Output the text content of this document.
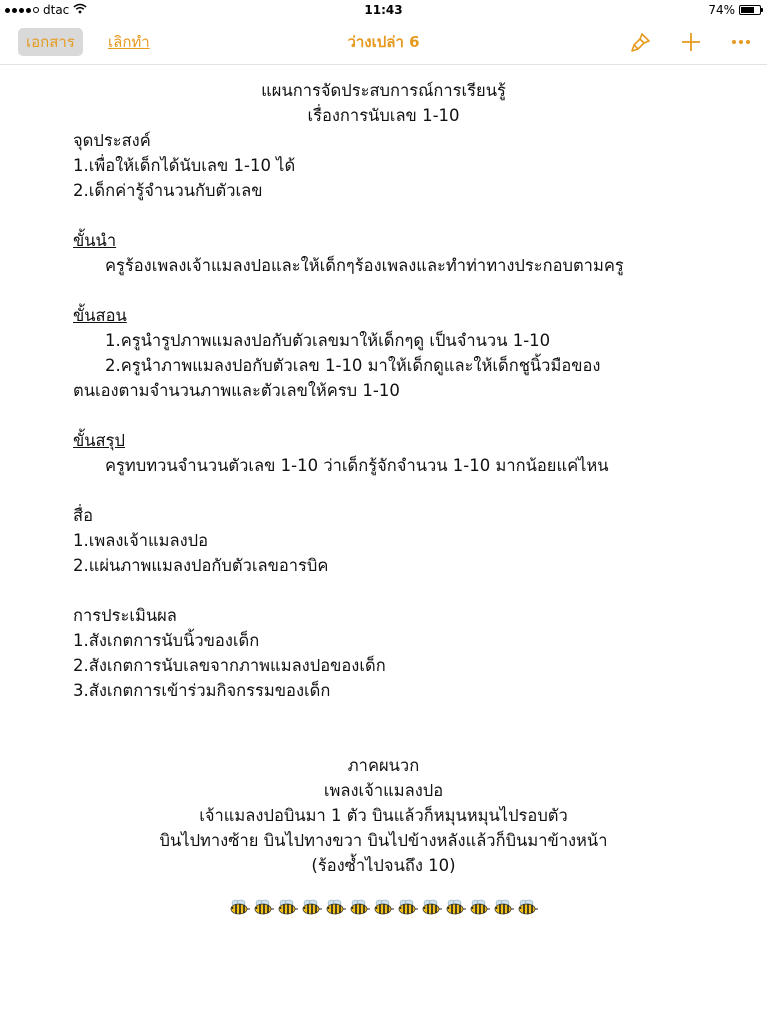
dtac	11:43	74%
เอกสาร	เลิกทำ	ว่างเปล่า 6
แผนการจัดประสบการณ์การเรียนรู้
เรื่องการนับเลข 1-10
จุดประสงค์
1.เพื่อให้เด็กได้นับเลข 1-10 ได้
2.เด็กค่ารู้จำนวนกับตัวเลข
ขั้นนำ
ครูร้องเพลงเจ้าแมลงปอและให้เด็กๆร้องเพลงและทำท่าทางประกอบตามครู
ขั้นสอน
1.ครูนำรูปภาพแมลงปอกับตัวเลขมาให้เด็กๆดู เป็นจำนวน 1-10
2.ครูนำภาพแมลงปอกับตัวเลข 1-10 มาให้เด็กดูและให้เด็กชูนิ้วมือของ
ตนเองตามจำนวนภาพและตัวเลขให้ครบ 1-10
ขั้นสรุป
ครูทบทวนจำนวนตัวเลข 1-10 ว่าเด็กรู้จักจำนวน 1-10 มากน้อยแค่ไหน
สื่อ
1.เพลงเจ้าแมลงปอ
2.แผ่นภาพแมลงปอกับตัวเลขอารบิค
การประเมินผล
1.สังเกตการนับนิ้วของเด็ก
2.สังเกตการนับเลขจากภาพแมลงปอของเด็ก
3.สังเกตการเข้าร่วมกิจกรรมของเด็ก
ภาคผนวก
เพลงเจ้าแมลงปอ
เจ้าแมลงปอบินมา 1 ตัว บินแล้วก็หมุนหมุนไปรอบตัว
บินไปทางซ้าย บินไปทางขวา บินไปข้างหลังแล้วก็บินมาข้างหน้า
(ร้องซ้ำไปจนถึง 10)
